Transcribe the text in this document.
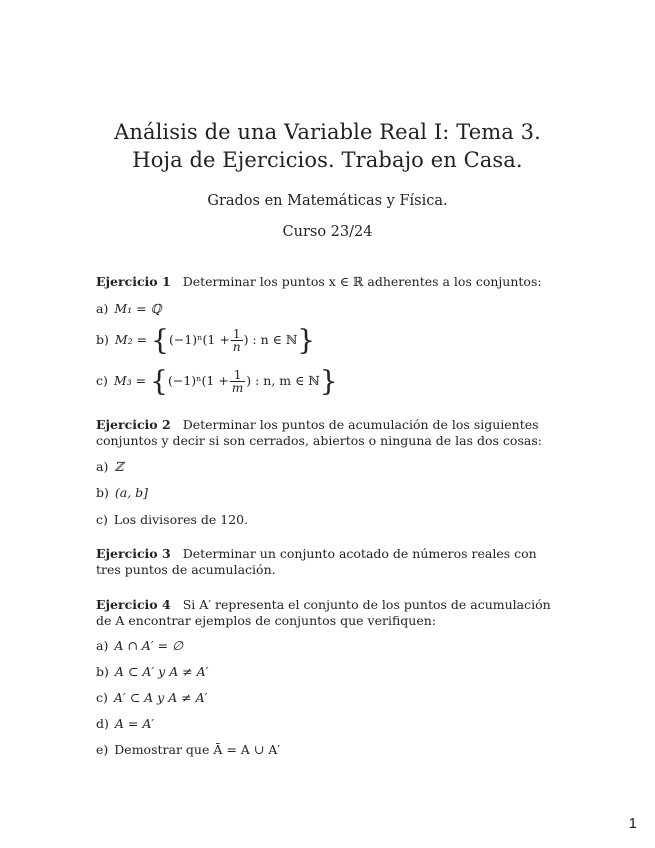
Análisis de una Variable Real I: Tema 3.
Hoja de Ejercicios. Trabajo en Casa.
Grados en Matemáticas y Física.
Curso 23/24
Ejercicio 1 Determinar los puntos x ∈ ℝ adherentes a los conjuntos:
a) M₁ = ℚ
b) $M_2 = \{(-1)^n(1 + \frac{1}{n}$ ) : n ∈ ℕ}
c) $M_3 = \{(-1)^n(1 + \frac{1}{m}$ ) : n, m ∈ ℕ}
Ejercicio 2 Determinar los puntos de acumulación de los siguientes conjuntos y decir si son cerrados, abiertos o ninguna de las dos cosas:
a) ℤ
b) (a, b]
c) Los divisores de 120.
Ejercicio 3 Determinar un conjunto acotado de números reales con tres puntos de acumulación.
Ejercicio 4 Si A′ representa el conjunto de los puntos de acumulación de A encontrar ejemplos de conjuntos que verifiquen:
a) A ∩ A′ = ∅
b) A ⊂ A′ y A ≠ A′
c) A′ ⊂ A y A ≠ A′
d) A = A′
e) Demostrar que Ā = A ∪ A′
1
